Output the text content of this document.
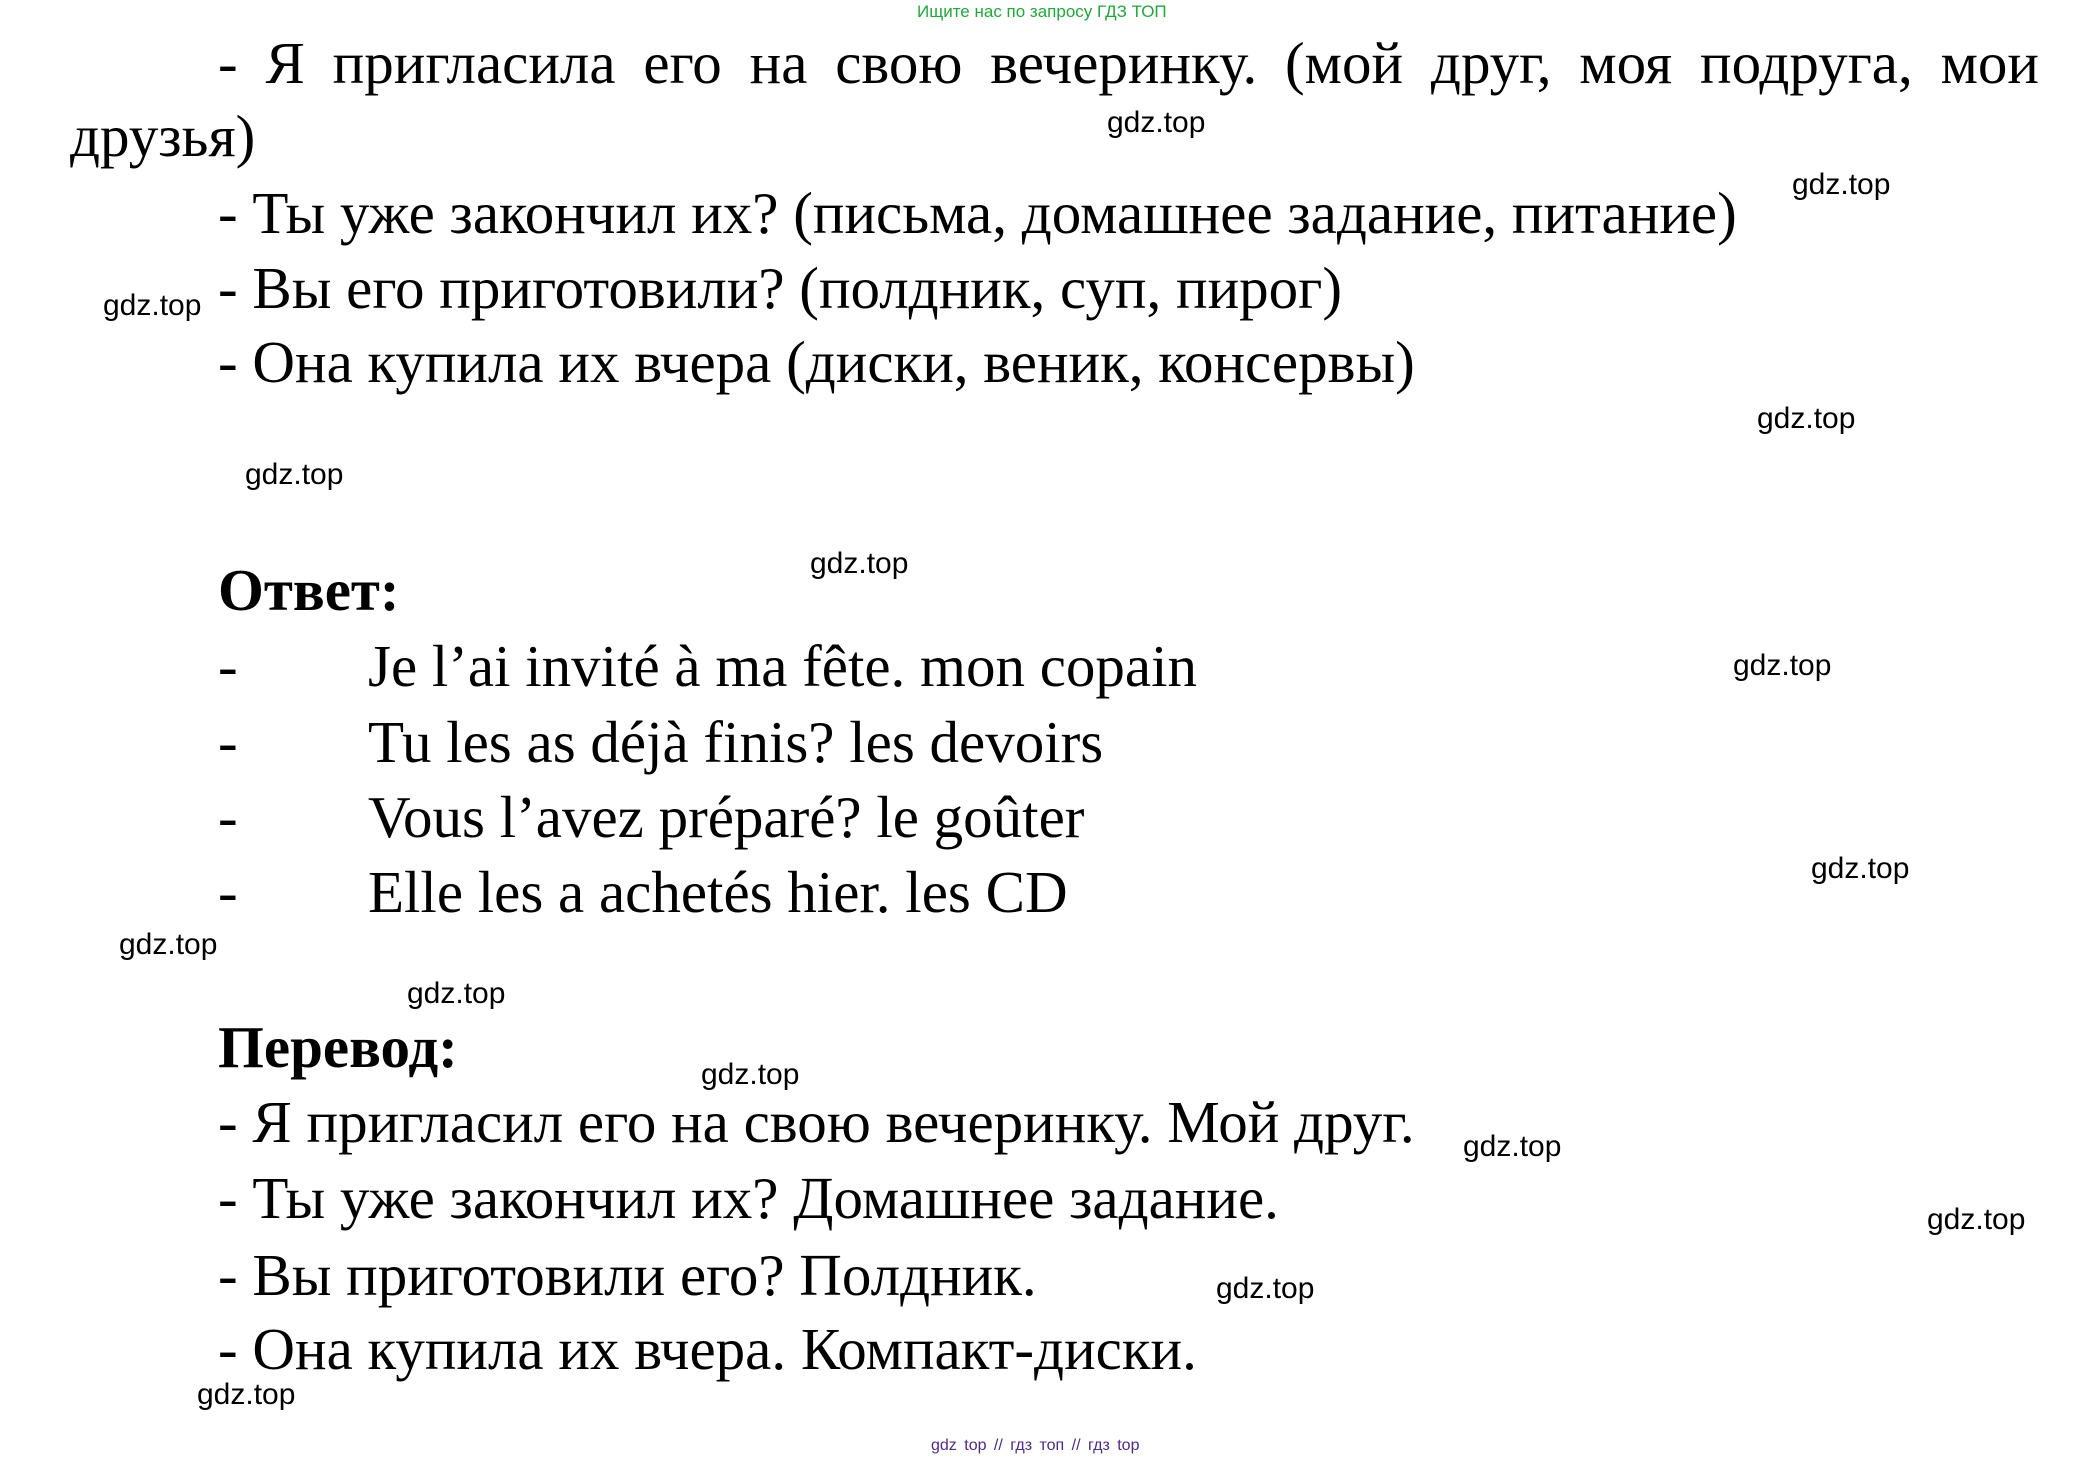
Ищите нас по запросу ГДЗ ТОП
- Я пригласила его на свою вечеринку. (мой друг, моя подруга, мои
друзья)
- Ты уже закончил их? (письма, домашнее задание, питание)
- Вы его приготовили? (полдник, суп, пирог)
- Она купила их вчера (диски, веник, консервы)
Ответ:
- Je l’ai invité à ma fête. mon copain
- Tu les as déjà finis? les devoirs
- Vous l’avez préparé? le goûter
- Elle les a achetés hier. les CD
Перевод:
- Я пригласил его на свою вечеринку. Мой друг.
- Ты уже закончил их? Домашнее задание.
- Вы приготовили его? Полдник.
- Она купила их вчера. Компакт-диски.
gdz.top
gdz.top
gdz.top
gdz.top
gdz.top
gdz.top
gdz.top
gdz.top
gdz.top
gdz.top
gdz.top
gdz.top
gdz.top
gdz.top
gdz.top
gdz top // гдз топ // гдз top
